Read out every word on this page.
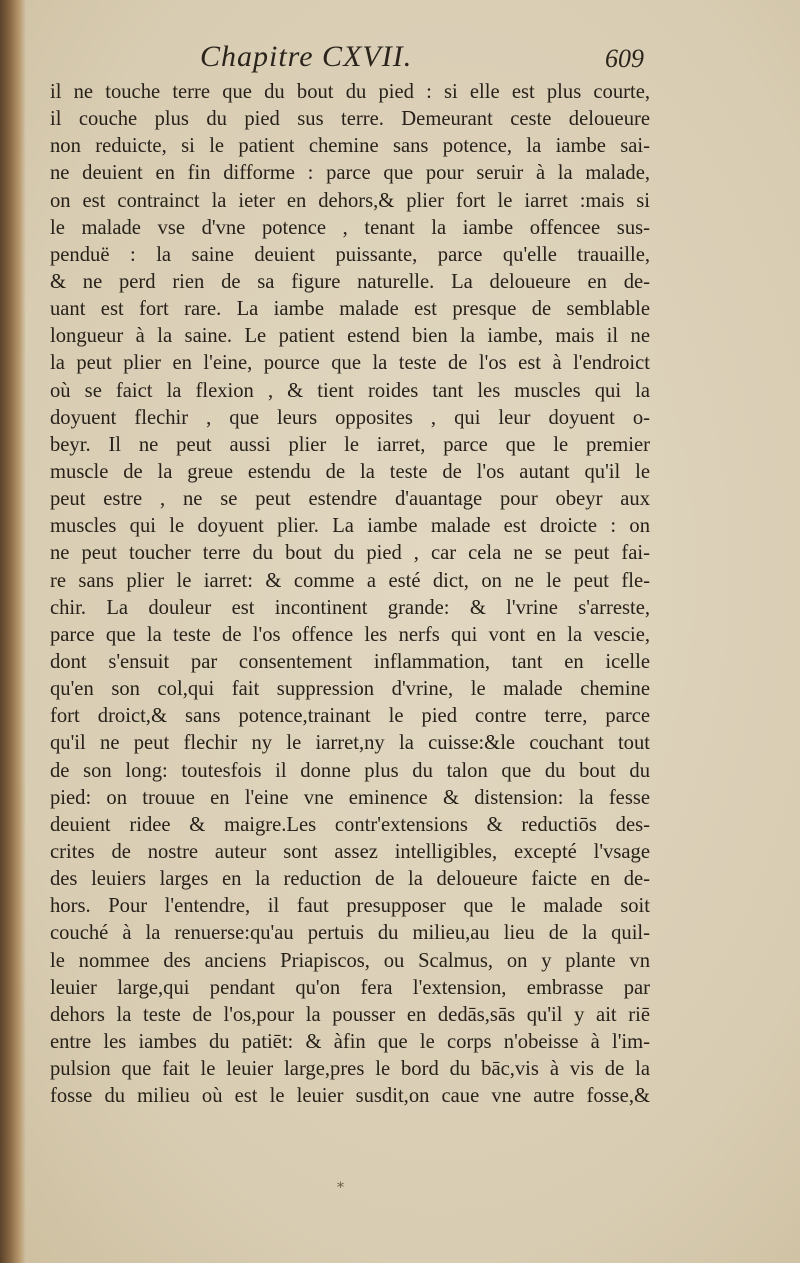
Chapitre CXVII.	609
il ne touche terre que du bout du pied : si elle est plus courte,
il couche plus du pied sus terre. Demeurant ceste deloueure
non reduicte, si le patient chemine sans potence, la iambe sai-
ne deuient en fin difforme : parce que pour seruir à la malade,
on est contrainct la ieter en dehors,& plier fort le iarret :mais si
le malade vse d'vne potence , tenant la iambe offencee sus-
penduë : la saine deuient puissante, parce qu'elle trauaille,
& ne perd rien de sa figure naturelle. La deloueure en de-
uant est fort rare. La iambe malade est presque de semblable
longueur à la saine. Le patient estend bien la iambe, mais il ne
la peut plier en l'eine, pource que la teste de l'os est à l'endroict
où se faict la flexion , & tient roides tant les muscles qui la
doyuent flechir , que leurs opposites , qui leur doyuent o-
beyr. Il ne peut aussi plier le iarret, parce que le premier
muscle de la greue estendu de la teste de l'os autant qu'il le
peut estre , ne se peut estendre d'auantage pour obeyr aux
muscles qui le doyuent plier. La iambe malade est droicte : on
ne peut toucher terre du bout du pied , car cela ne se peut fai-
re sans plier le iarret: & comme a esté dict, on ne le peut fle-
chir. La douleur est incontinent grande: & l'vrine s'arreste,
parce que la teste de l'os offence les nerfs qui vont en la vescie,
dont s'ensuit par consentement inflammation, tant en icelle
qu'en son col,qui fait suppression d'vrine, le malade chemine
fort droict,& sans potence,trainant le pied contre terre, parce
qu'il ne peut flechir ny le iarret,ny la cuisse:&le couchant tout
de son long: toutesfois il donne plus du talon que du bout du
pied: on trouue en l'eine vne eminence & distension: la fesse
deuient ridee & maigre.Les contr'extensions & reductiōs des-
crites de nostre auteur sont assez intelligibles, excepté l'vsage
des leuiers larges en la reduction de la deloueure faicte en de-
hors. Pour l'entendre, il faut presupposer que le malade soit
couché à la renuerse:qu'au pertuis du milieu,au lieu de la quil-
le nommee des anciens Priapiscos, ou Scalmus, on y plante vn
leuier large,qui pendant qu'on fera l'extension, embrasse par
dehors la teste de l'os,pour la pousser en dedās,sās qu'il y ait riē
entre les iambes du patiēt: & àfin que le corps n'obeisse à l'im-
pulsion que fait le leuier large,pres le bord du bāc,vis à vis de la
fosse du milieu où est le leuier susdit,on caue vne autre fosse,&
*
